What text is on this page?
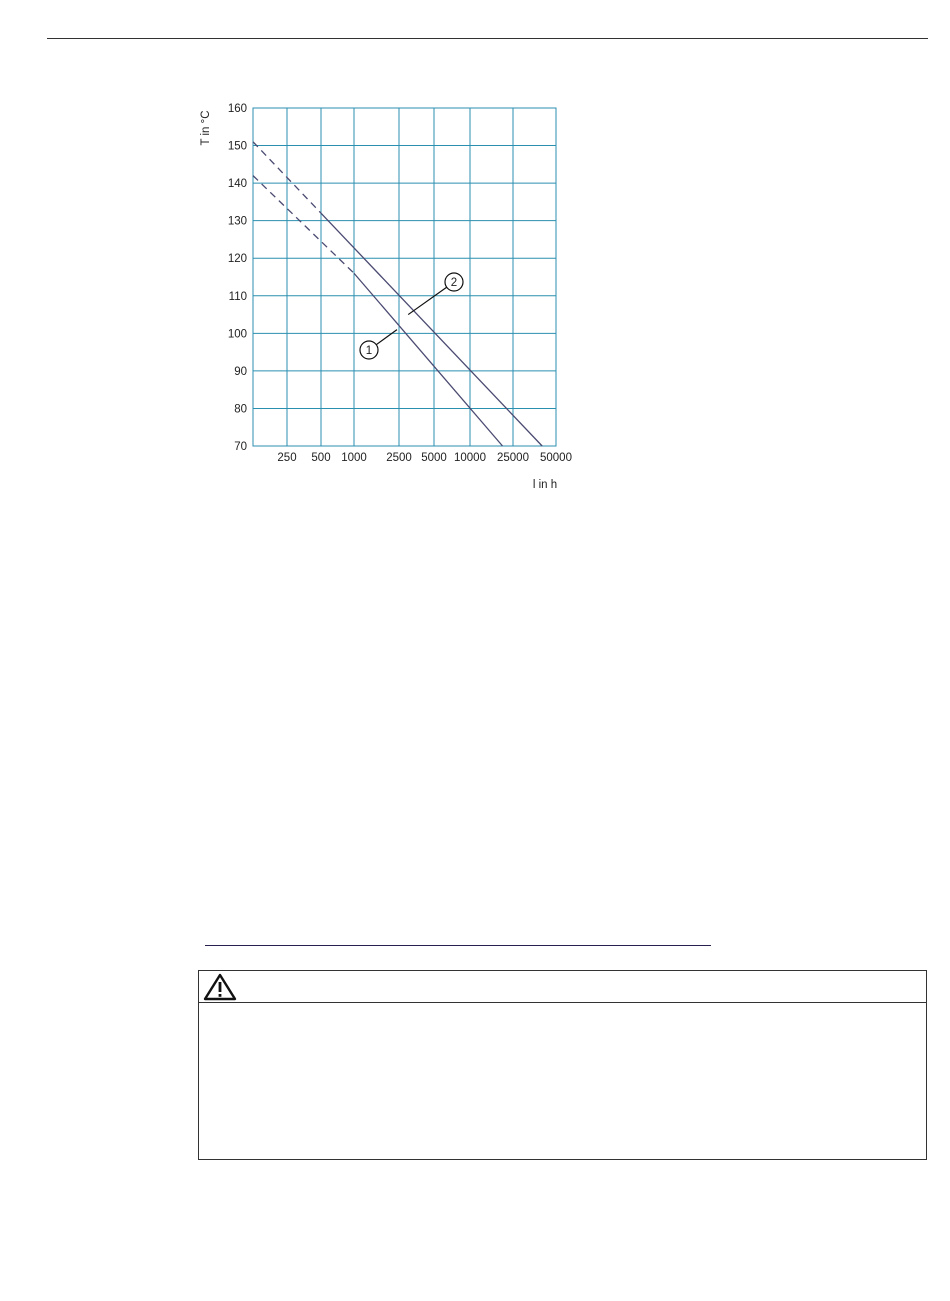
250 500 1000 2500 5000 10000 25000 50000
70
80
90
100
110
120
130
140
150
160
1
2
T in °C
l in h
